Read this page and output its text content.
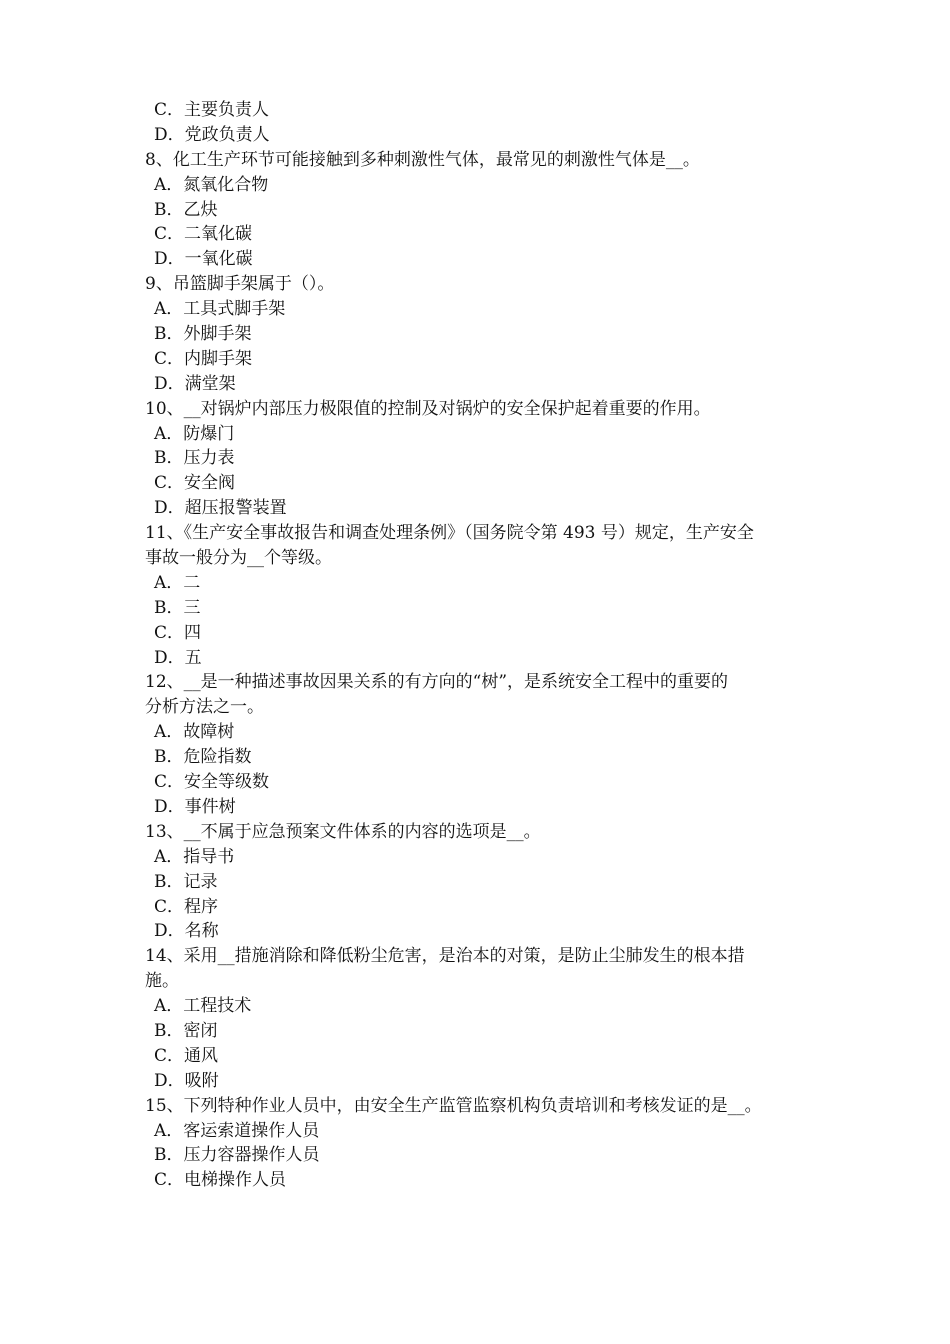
C．主要负责人
D．党政负责人
8、化工生产环节可能接触到多种刺激性气体，最常见的刺激性气体是__。
A．氮氧化合物
B．乙炔
C．二氧化碳
D．一氧化碳
9、吊篮脚手架属于（）。
A．工具式脚手架
B．外脚手架
C．内脚手架
D．满堂架
10、__对锅炉内部压力极限值的控制及对锅炉的安全保护起着重要的作用。
A．防爆门
B．压力表
C．安全阀
D．超压报警装置
11、《生产安全事故报告和调查处理条例》（国务院令第 493 号）规定，生产安全
事故一般分为__个等级。
A．二
B．三
C．四
D．五
12、__是一种描述事故因果关系的有方向的“树”，是系统安全工程中的重要的
分析方法之一。
A．故障树
B．危险指数
C．安全等级数
D．事件树
13、__不属于应急预案文件体系的内容的选项是__。
A．指导书
B．记录
C．程序
D．名称
14、采用__措施消除和降低粉尘危害，是治本的对策，是防止尘肺发生的根本措
施。
A．工程技术
B．密闭
C．通风
D．吸附
15、下列特种作业人员中，由安全生产监管监察机构负责培训和考核发证的是__。
A．客运索道操作人员
B．压力容器操作人员
C．电梯操作人员
